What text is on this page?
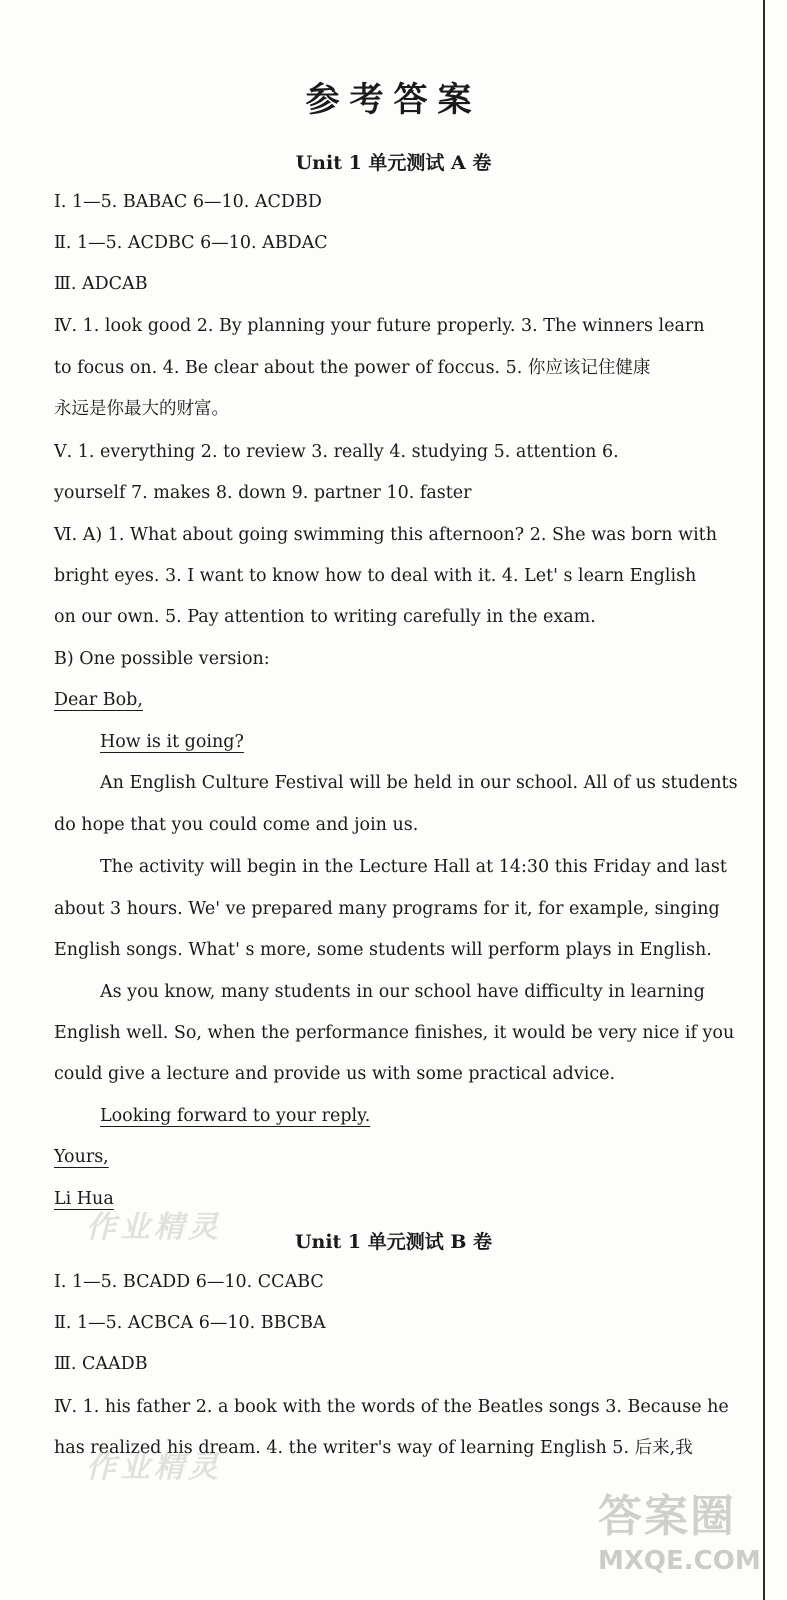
参考答案
Unit 1 单元测试 A 卷
Ⅰ. 1—5. BABAC 6—10. ACDBD
Ⅱ. 1—5. ACDBC 6—10. ABDAC
Ⅲ. ADCAB
Ⅳ. 1. look good 2. By planning your future properly. 3. The winners learn
to focus on. 4. Be clear about the power of foccus. 5. 你应该记住健康
永远是你最大的财富。
Ⅴ. 1. everything 2. to review 3. really 4. studying 5. attention 6.
yourself 7. makes 8. down 9. partner 10. faster
Ⅵ. A) 1. What about going swimming this afternoon? 2. She was born with
bright eyes. 3. I want to know how to deal with it. 4. Let' s learn English
on our own. 5. Pay attention to writing carefully in the exam.
B) One possible version:
Dear Bob,
How is it going?
An English Culture Festival will be held in our school. All of us students
do hope that you could come and join us.
The activity will begin in the Lecture Hall at 14:30 this Friday and last
about 3 hours. We' ve prepared many programs for it, for example, singing
English songs. What' s more, some students will perform plays in English.
As you know, many students in our school have difficulty in learning
English well. So, when the performance finishes, it would be very nice if you
could give a lecture and provide us with some practical advice.
Looking forward to your reply.
Yours,
Li Hua
Unit 1 单元测试 B 卷
Ⅰ. 1—5. BCADD 6—10. CCABC
Ⅱ. 1—5. ACBCA 6—10. BBCBA
Ⅲ. CAADB
Ⅳ. 1. his father 2. a book with the words of the Beatles songs 3. Because he
has realized his dream. 4. the writer's way of learning English 5. 后来,我
作业精灵
作业精灵
答案圈
MXQE.COM
